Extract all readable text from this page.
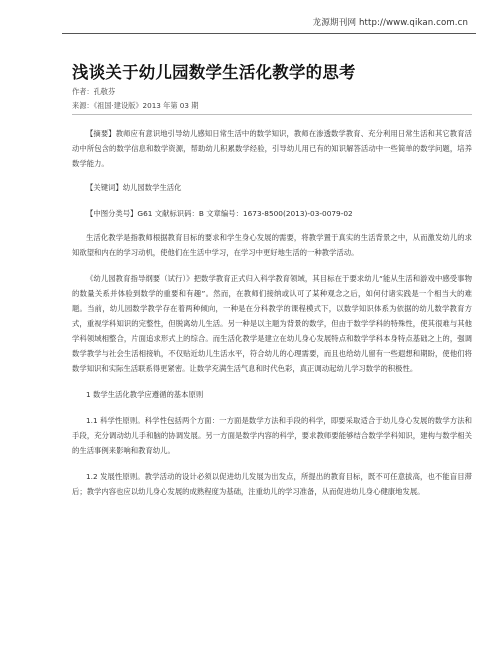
龙源期刊网 http://www.qikan.com.cn
浅谈关于幼儿园数学生活化教学的思考
作者：孔敬芬
来源：《祖国·建设版》2013 年第 03 期
【摘要】教师应有意识地引导幼儿感知日常生活中的数学知识，教师在渗透数学教育、充分利用日常生活和其它教育活动中所包含的数学信息和数学资源，帮助幼儿积累数学经验，引导幼儿用已有的知识解答活动中一些简单的数学问题，培养数学能力。
【关键词】幼儿园数学生活化
【中图分类号】G61 文献标识码：B 文章编号：1673-8500(2013)-03-0079-02

生活化教学是指教师根据教育目标的要求和学生身心发展的需要，将教学置于真实的生活背景之中，从而激发幼儿的求知欲望和内在的学习动机，使他们在生活中学习，在学习中更好地生活的一种教学活动。

《幼儿园教育指导纲要（试行）》把数学教育正式归入科学教育领域，其目标在于要求幼儿“能从生活和游戏中感受事物的数量关系并体验到数学的重要和有趣”。然而，在教师们接纳或认可了某种观念之后，如何付诸实践是一个相当大的难题。当前，幼儿园数学教学存在着两种倾向，一种是在分科教学的课程模式下，以数学知识体系为依据的幼儿数学教育方式，重视学科知识的完整性，但脱离幼儿生活。另一种是以主题为背景的数学，但由于数学学科的特殊性，使其很难与其他学科领域相整合，片面追求形式上的综合。而生活化教学是建立在幼儿身心发展特点和数学学科本身特点基础之上的，强调数学教学与社会生活相接轨，不仅贴近幼儿生活水平，符合幼儿的心理需要，而且也给幼儿留有一些遐想和期盼，使他们将数学知识和实际生活联系得更紧密。让数学充满生活气息和时代色彩，真正调动起幼儿学习数学的积极性。

1 数学生活化教学应遵循的基本原则

1.1 科学性原则。科学性包括两个方面：一方面是数学方法和手段的科学，即要采取适合于幼儿身心发展的数学方法和手段，充分调动幼儿手和脑的协调发展。另一方面是数学内容的科学，要求教师要能够结合数学学科知识，建构与数学相关的生活事例来影响和教育幼儿。

1.2 发展性原则。教学活动的设计必须以促进幼儿发展为出发点，所提出的教育目标，既不可任意拔高，也不能盲目滞后；教学内容也应以幼儿身心发展的成熟程度为基础，注重幼儿的学习准备，从而促进幼儿身心健康地发展。
